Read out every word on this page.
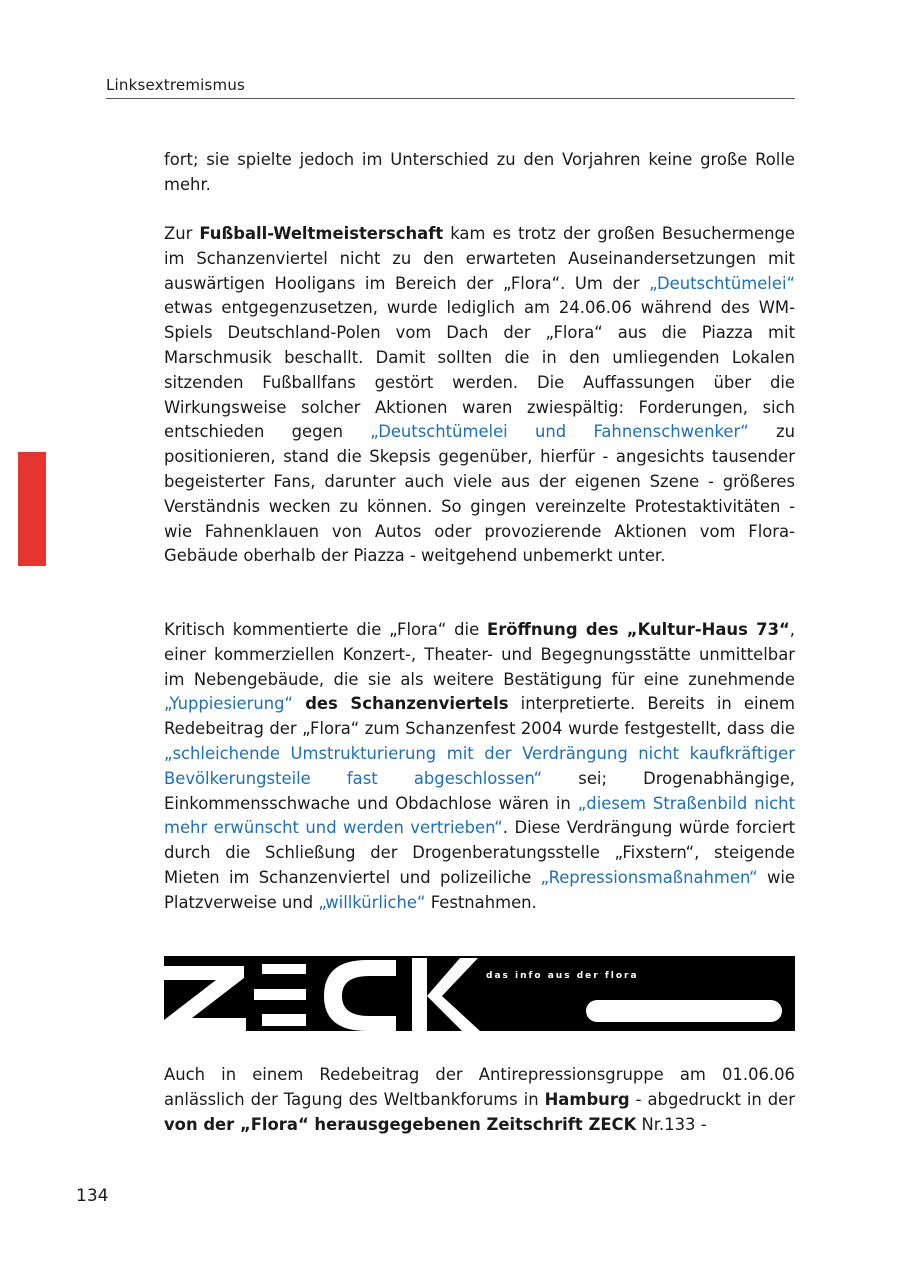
Linksextremismus

fort; sie spielte jedoch im Unterschied zu den Vorjahren keine große Rolle mehr.

Zur Fußball-Weltmeisterschaft kam es trotz der großen Besuchermenge im Schanzenviertel nicht zu den erwarteten Auseinandersetzungen mit auswärtigen Hooligans im Bereich der „Flora“. Um der „Deutschtümelei“ etwas entgegenzusetzen, wurde lediglich am 24.06.06 während des WM-Spiels Deutschland-Polen vom Dach der „Flora“ aus die Piazza mit Marschmusik beschallt. Damit sollten die in den umliegenden Lokalen sitzenden Fußballfans gestört werden. Die Auffassungen über die Wirkungsweise solcher Aktionen waren zwiespältig: Forderungen, sich entschieden gegen „Deutschtümelei und Fahnenschwenker“ zu positionieren, stand die Skepsis gegenüber, hierfür - angesichts tausender begeisterter Fans, darunter auch viele aus der eigenen Szene - größeres Verständnis wecken zu können. So gingen vereinzelte Protestaktivitäten - wie Fahnenklauen von Autos oder provozierende Aktionen vom Flora-Gebäude oberhalb der Piazza - weitgehend unbemerkt unter.

Kritisch kommentierte die „Flora“ die Eröffnung des „Kultur-Haus 73“, einer kommerziellen Konzert-, Theater- und Begegnungsstätte unmittelbar im Nebengebäude, die sie als weitere Bestätigung für eine zunehmende „Yuppiesierung“ des Schanzenviertels interpretierte. Bereits in einem Redebeitrag der „Flora“ zum Schanzenfest 2004 wurde festgestellt, dass die „schleichende Umstrukturierung mit der Verdrängung nicht kaufkräftiger Bevölkerungsteile fast abgeschlossen“ sei; Drogenabhängige, Einkommensschwache und Obdachlose wären in „diesem Straßenbild nicht mehr erwünscht und werden vertrieben“. Diese Verdrängung würde forciert durch die Schließung der Drogenberatungsstelle „Fixstern“, steigende Mieten im Schanzenviertel und polizeiliche „Repressionsmaßnahmen“ wie Platzverweise und „willkürliche“ Festnahmen.

das info aus der flora

Auch in einem Redebeitrag der Antirepressionsgruppe am 01.06.06 anlässlich der Tagung des Weltbankforums in Hamburg - abgedruckt in der von der „Flora“ herausgegebenen Zeitschrift ZECK Nr.133 -

134
